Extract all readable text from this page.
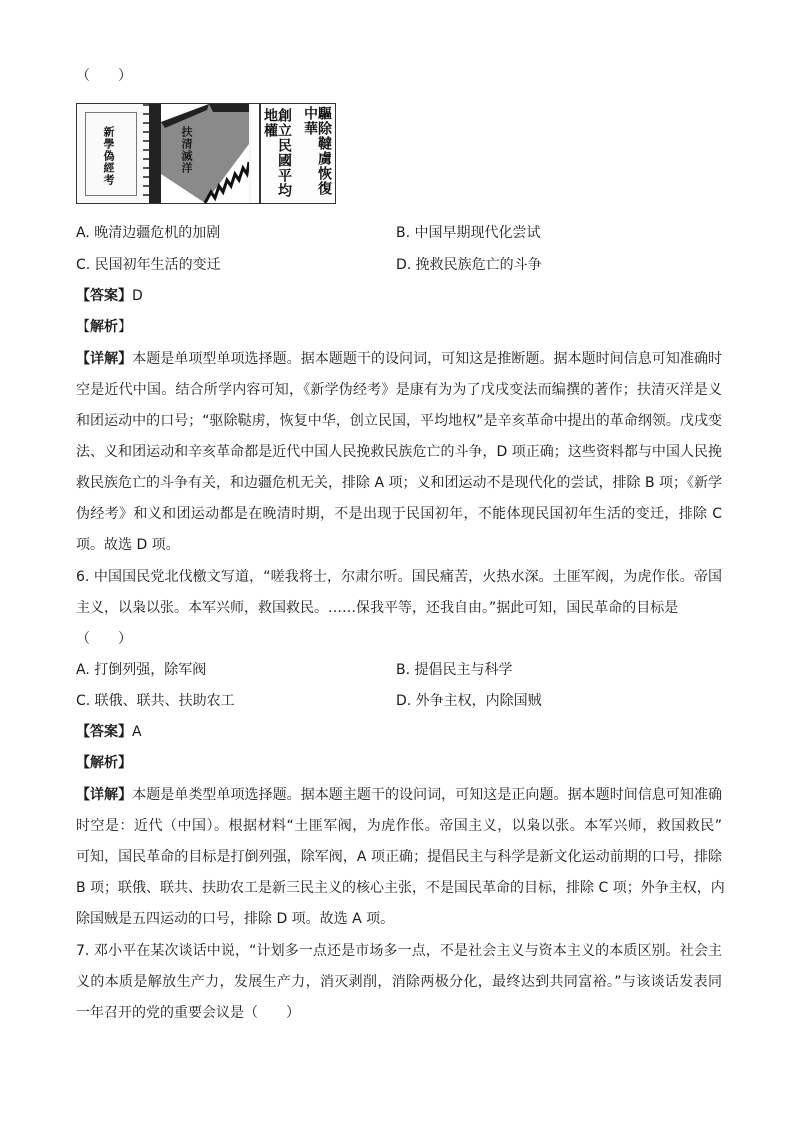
（　　）
新學偽經考	扶清滅洋	創立民國平均地權	驅除韃虜恢復中華
A. 晚清边疆危机的加剧	B. 中国早期现代化尝试
C. 民国初年生活的变迁	D. 挽救民族危亡的斗争
【答案】D
【解析】
【详解】本题是单项型单项选择题。据本题题干的设问词，可知这是推断题。据本题时间信息可知准确时
空是近代中国。结合所学内容可知，《新学伪经考》是康有为为了戊戌变法而编撰的著作；扶清灭洋是义
和团运动中的口号；“驱除鞑虏，恢复中华，创立民国，平均地权”是辛亥革命中提出的革命纲领。戊戌变
法、义和团运动和辛亥革命都是近代中国人民挽救民族危亡的斗争，D 项正确；这些资料都与中国人民挽
救民族危亡的斗争有关，和边疆危机无关，排除 A 项；义和团运动不是现代化的尝试，排除 B 项；《新学
伪经考》和义和团运动都是在晚清时期，不是出现于民国初年，不能体现民国初年生活的变迁，排除 C
项。故选 D 项。
6. 中国国民党北伐檄文写道，“嗟我将士，尔肃尔听。国民痛苦，火热水深。土匪军阀，为虎作伥。帝国
主义，以枭以张。本军兴师，救国救民。……保我平等，还我自由。”据此可知，国民革命的目标是
（　　）
A. 打倒列强，除军阀	B. 提倡民主与科学
C. 联俄、联共、扶助农工	D. 外争主权，内除国贼
【答案】A
【解析】
【详解】本题是单类型单项选择题。据本题主题干的设问词，可知这是正向题。据本题时间信息可知准确
时空是：近代（中国）。根据材料“土匪军阀，为虎作伥。帝国主义，以枭以张。本军兴师，救国救民”
可知，国民革命的目标是打倒列强，除军阀，A 项正确；提倡民主与科学是新文化运动前期的口号，排除
B 项；联俄、联共、扶助农工是新三民主义的核心主张，不是国民革命的目标，排除 C 项；外争主权，内
除国贼是五四运动的口号，排除 D 项。故选 A 项。
7. 邓小平在某次谈话中说，“计划多一点还是市场多一点，不是社会主义与资本主义的本质区别。社会主
义的本质是解放生产力，发展生产力，消灭剥削，消除两极分化，最终达到共同富裕。”与该谈话发表同
一年召开的党的重要会议是（　　）
